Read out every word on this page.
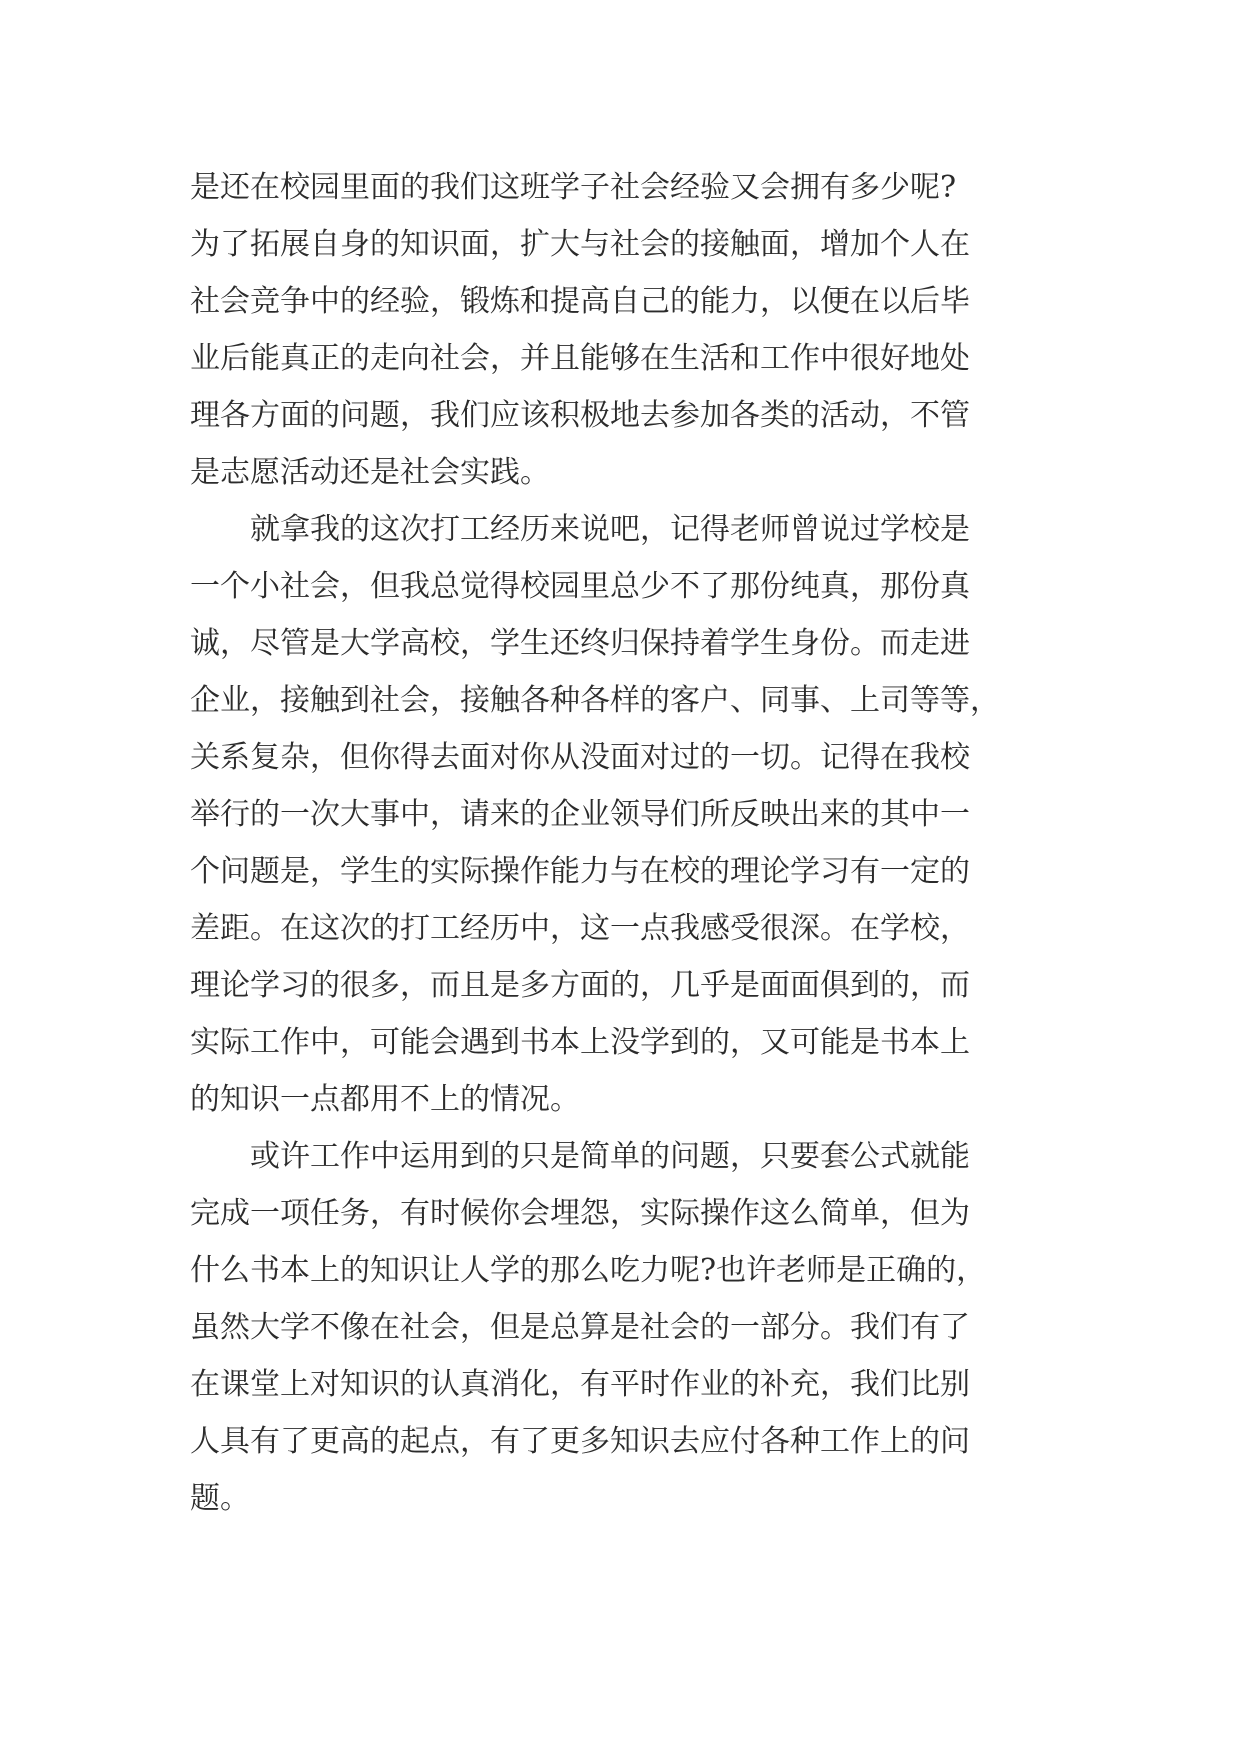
是还在校园里面的我们这班学子社会经验又会拥有多少呢?
为了拓展自身的知识面，扩大与社会的接触面，增加个人在
社会竞争中的经验，锻炼和提高自己的能力，以便在以后毕
业后能真正的走向社会，并且能够在生活和工作中很好地处
理各方面的问题，我们应该积极地去参加各类的活动，不管
是志愿活动还是社会实践。
　　就拿我的这次打工经历来说吧，记得老师曾说过学校是
一个小社会，但我总觉得校园里总少不了那份纯真，那份真
诚，尽管是大学高校，学生还终归保持着学生身份。而走进
企业，接触到社会，接触各种各样的客户、同事、上司等等，
关系复杂，但你得去面对你从没面对过的一切。记得在我校
举行的一次大事中，请来的企业领导们所反映出来的其中一
个问题是，学生的实际操作能力与在校的理论学习有一定的
差距。在这次的打工经历中，这一点我感受很深。在学校，
理论学习的很多，而且是多方面的，几乎是面面俱到的，而
实际工作中，可能会遇到书本上没学到的，又可能是书本上
的知识一点都用不上的情况。
　　或许工作中运用到的只是简单的问题，只要套公式就能
完成一项任务，有时候你会埋怨，实际操作这么简单，但为
什么书本上的知识让人学的那么吃力呢?也许老师是正确的，
虽然大学不像在社会，但是总算是社会的一部分。我们有了
在课堂上对知识的认真消化，有平时作业的补充，我们比别
人具有了更高的起点，有了更多知识去应付各种工作上的问
题。
